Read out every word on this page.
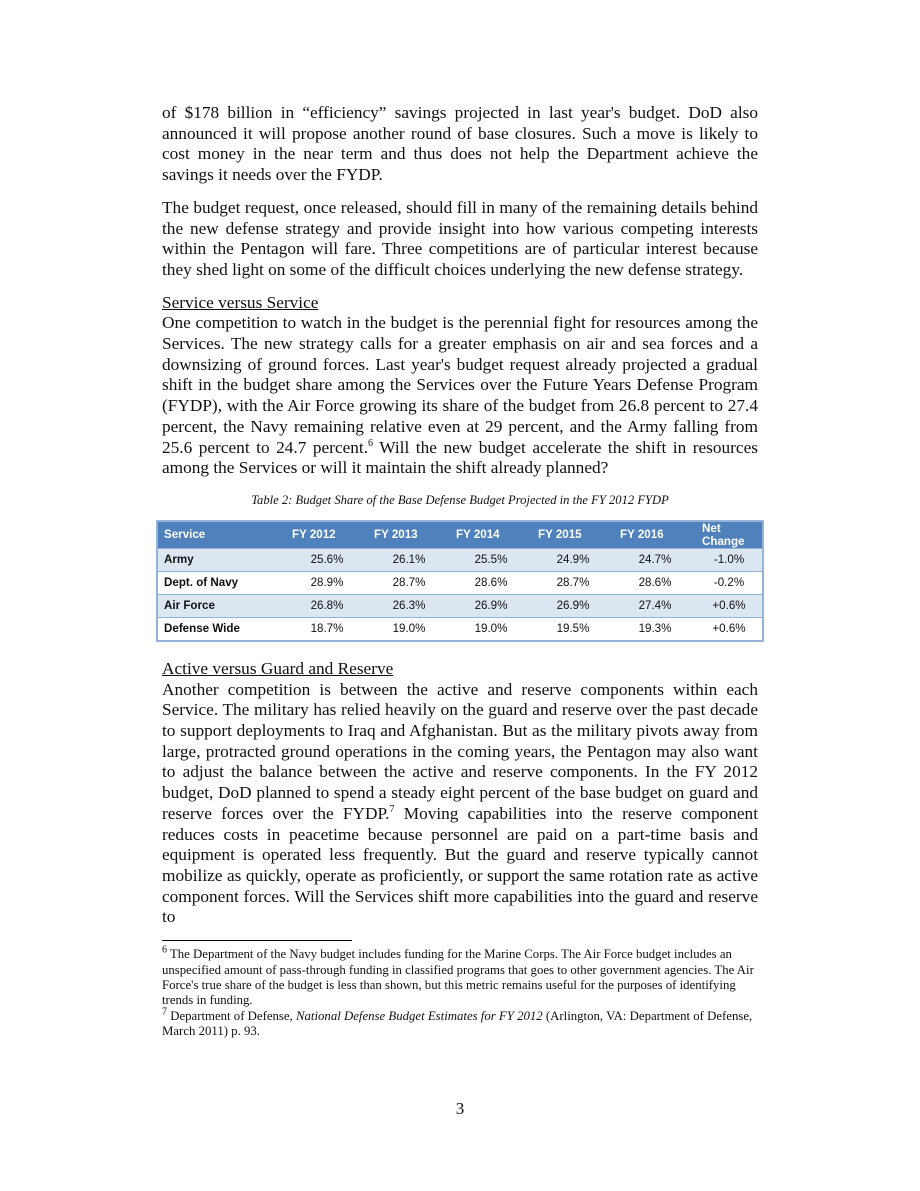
of $178 billion in “efficiency” savings projected in last year's budget. DoD also announced it will propose another round of base closures. Such a move is likely to cost money in the near term and thus does not help the Department achieve the savings it needs over the FYDP.

The budget request, once released, should fill in many of the remaining details behind the new defense strategy and provide insight into how various competing interests within the Pentagon will fare. Three competitions are of particular interest because they shed light on some of the difficult choices underlying the new defense strategy.

Service versus Service

One competition to watch in the budget is the perennial fight for resources among the Services. The new strategy calls for a greater emphasis on air and sea forces and a downsizing of ground forces. Last year's budget request already projected a gradual shift in the budget share among the Services over the Future Years Defense Program (FYDP), with the Air Force growing its share of the budget from 26.8 percent to 27.4 percent, the Navy remaining relative even at 29 percent, and the Army falling from 25.6 percent to 24.7 percent.$^6$ Will the new budget accelerate the shift in resources among the Services or will it maintain the shift already planned?

Table 2: Budget Share of the Base Defense Budget Projected in the FY 2012 FYDP
Service	FY 2012	FY 2013	FY 2014	FY 2015	FY 2016	Net Change
Army	25.6%	26.1%	25.5%	24.9%	24.7%	-1.0%
Dept. of Navy	28.9%	28.7%	28.6%	28.7%	28.6%	-0.2%
Air Force	26.8%	26.3%	26.9%	26.9%	27.4%	+0.6%
Defense Wide	18.7%	19.0%	19.0%	19.5%	19.3%	+0.6%
Active versus Guard and Reserve

Another competition is between the active and reserve components within each Service. The military has relied heavily on the guard and reserve over the past decade to support deployments to Iraq and Afghanistan. But as the military pivots away from large, protracted ground operations in the coming years, the Pentagon may also want to adjust the balance between the active and reserve components. In the FY 2012 budget, DoD planned to spend a steady eight percent of the base budget on guard and reserve forces over the FYDP.$^7$ Moving capabilities into the reserve component reduces costs in peacetime because personnel are paid on a part-time basis and equipment is operated less frequently. But the guard and reserve typically cannot mobilize as quickly, operate as proficiently, or support the same rotation rate as active component forces. Will the Services shift more capabilities into the guard and reserve to

$^6$ The Department of the Navy budget includes funding for the Marine Corps. The Air Force budget includes an unspecified amount of pass-through funding in classified programs that goes to other government agencies. The Air Force's true share of the budget is less than shown, but this metric remains useful for the purposes of identifying trends in funding.

$^7$ Department of Defense, National Defense Budget Estimates for FY 2012 (Arlington, VA: Department of Defense, March 2011) p. 93.

3
